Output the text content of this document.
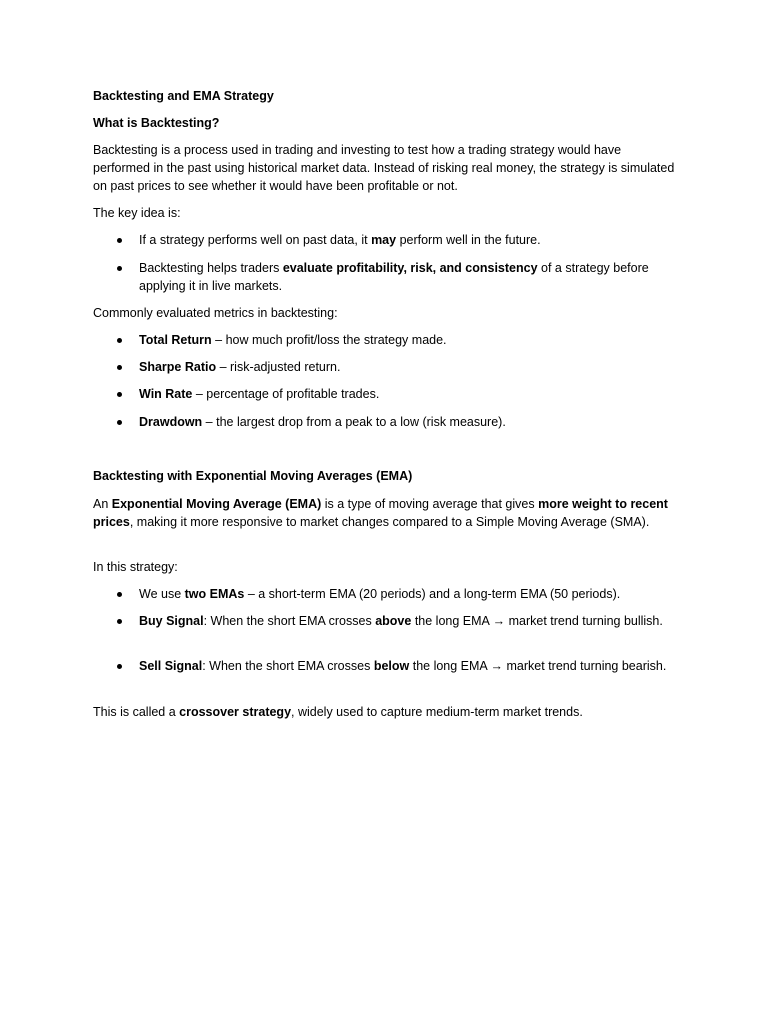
Backtesting and EMA Strategy

What is Backtesting?

Backtesting is a process used in trading and investing to test how a trading strategy would have performed in the past using historical market data. Instead of risking real money, the strategy is simulated on past prices to see whether it would have been profitable or not.

The key idea is:

If a strategy performs well on past data, it may perform well in the future.
Backtesting helps traders evaluate profitability, risk, and consistency of a strategy before applying it in live markets.

Commonly evaluated metrics in backtesting:

Total Return – how much profit/loss the strategy made.
Sharpe Ratio – risk-adjusted return.
Win Rate – percentage of profitable trades.
Drawdown – the largest drop from a peak to a low (risk measure).

Backtesting with Exponential Moving Averages (EMA)

An Exponential Moving Average (EMA) is a type of moving average that gives more weight to recent prices, making it more responsive to market changes compared to a Simple Moving Average (SMA).

In this strategy:

We use two EMAs – a short-term EMA (20 periods) and a long-term EMA (50 periods).
Buy Signal: When the short EMA crosses above the long EMA → market trend turning bullish.
Sell Signal: When the short EMA crosses below the long EMA → market trend turning bearish.

This is called a crossover strategy, widely used to capture medium-term market trends.
